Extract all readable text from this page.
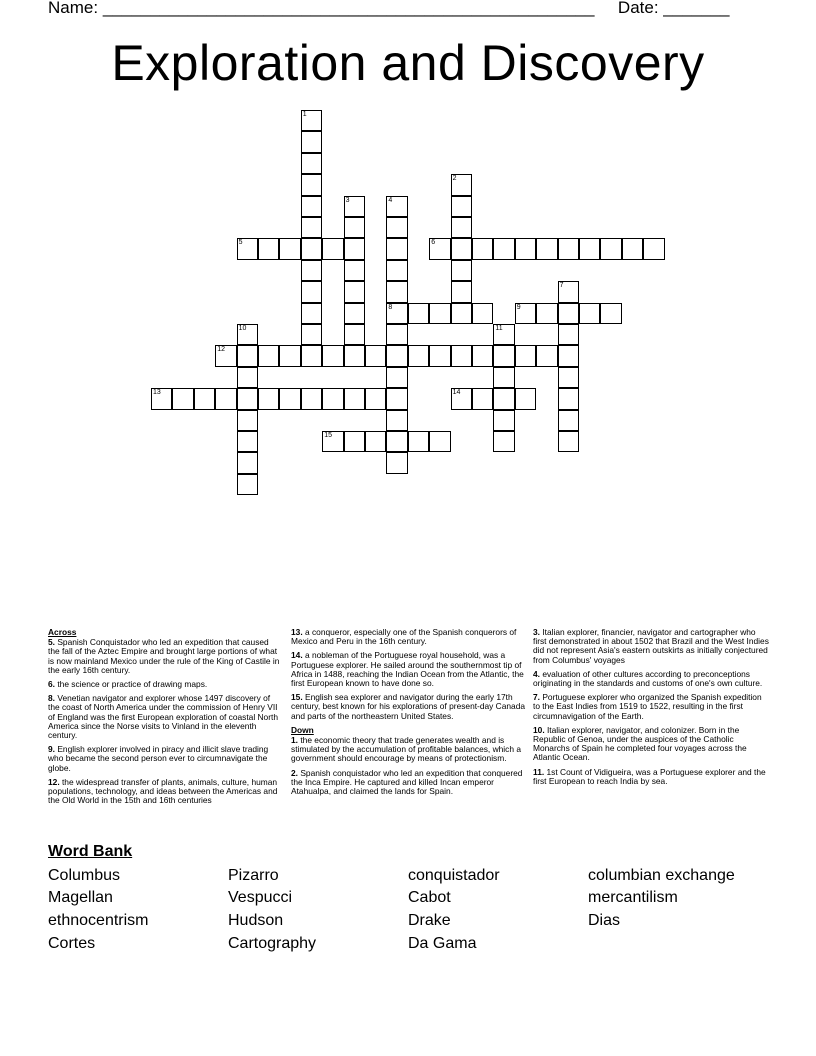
Name: ____________________________________________________ Date: _______
Exploration and Discovery
1
2
3	4
8
5	6
7
9
10	11
12
13	14
15
Across
5. Spanish Conquistador who led an expedition that caused the fall of the Aztec Empire and brought large portions of what is now mainland Mexico under the rule of the King of Castile in the early 16th century.
6. the science or practice of drawing maps.
8. Venetian navigator and explorer whose 1497 discovery of the coast of North America under the commission of Henry VII of England was the first European exploration of coastal North America since the Norse visits to Vinland in the eleventh century.
9. English explorer involved in piracy and illicit slave trading who became the second person ever to circumnavigate the globe.
12. the widespread transfer of plants, animals, culture, human populations, technology, and ideas between the Americas and the Old World in the 15th and 16th centuries
13. a conqueror, especially one of the Spanish conquerors of Mexico and Peru in the 16th century.
14. a nobleman of the Portuguese royal household, was a Portuguese explorer. He sailed around the southernmost tip of Africa in 1488, reaching the Indian Ocean from the Atlantic, the first European known to have done so.
15. English sea explorer and navigator during the early 17th century, best known for his explorations of present-day Canada and parts of the northeastern United States.
Down
1. the economic theory that trade generates wealth and is stimulated by the accumulation of profitable balances, which a government should encourage by means of protectionism.
2. Spanish conquistador who led an expedition that conquered the Inca Empire. He captured and killed Incan emperor Atahualpa, and claimed the lands for Spain.
3. Italian explorer, financier, navigator and cartographer who first demonstrated in about 1502 that Brazil and the West Indies did not represent Asia's eastern outskirts as initially conjectured from Columbus' voyages
4. evaluation of other cultures according to preconceptions originating in the standards and customs of one's own culture.
7. Portuguese explorer who organized the Spanish expedition to the East Indies from 1519 to 1522, resulting in the first circumnavigation of the Earth.
10. Italian explorer, navigator, and colonizer. Born in the Republic of Genoa, under the auspices of the Catholic Monarchs of Spain he completed four voyages across the Atlantic Ocean.
11. 1st Count of Vidigueira, was a Portuguese explorer and the first European to reach India by sea.
Word Bank
Columbus	Pizarro	conquistador	columbian exchange
Magellan	Vespucci	Cabot	mercantilism
ethnocentrism	Hudson	Drake	Dias
Cortes	Cartography	Da Gama
